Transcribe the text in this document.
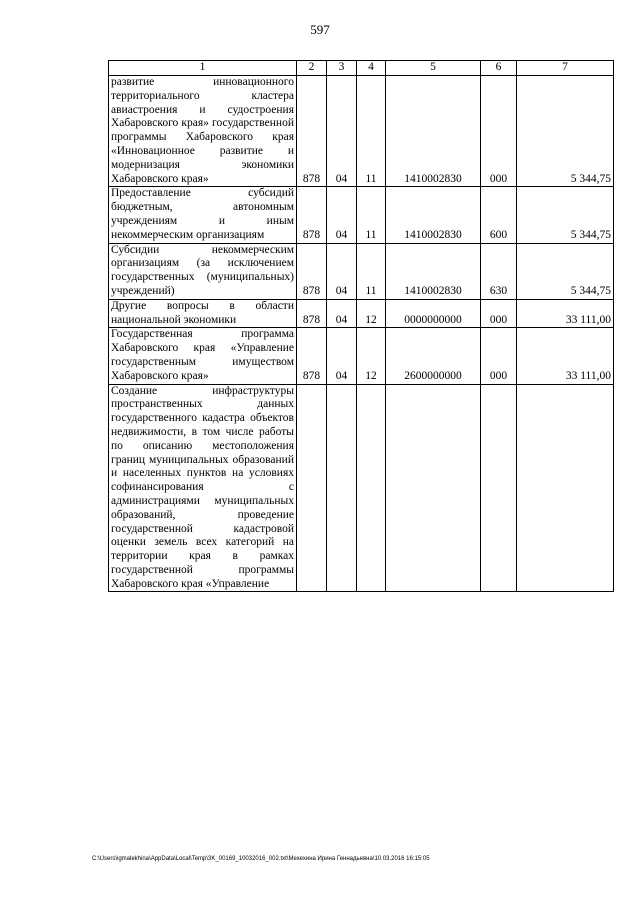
597
1	2	3	4	5	6	7
развитие инновационного территориального кластера авиастроения и судостроения Хабаровского края» государственной программы Хабаровского края «Инновационное развитие и модернизация экономики Хабаровского края»	878	04	11	1410002830	000	5 344,75
Предоставление субсидий бюджетным, автономным учреждениям и иным некоммерческим организациям	878	04	11	1410002830	600	5 344,75
Субсидии некоммерческим организациям (за исключением государственных (муниципальных) учреждений)	878	04	11	1410002830	630	5 344,75
Другие вопросы в области национальной экономики	878	04	12	0000000000	000	33 111,00
Государственная программа Хабаровского края «Управление государственным имуществом Хабаровского края»	878	04	12	2600000000	000	33 111,00
Создание инфраструктуры пространственных данных государственного кадастра объектов недвижимости, в том числе работы по описанию местоположения границ муниципальных образований и населенных пунктов на условиях софинансирования с администрациями муниципальных образований, проведение государственной кадастровой оценки земель всех категорий на территории края в рамках государственной программы Хабаровского края «Управление						
C:\Users\igmalekhina\AppData\Local\Temp\3K_00169_10032016_002.txt\Мехехина Ирина Геннадьевна\10.03.2016 16:15:05
